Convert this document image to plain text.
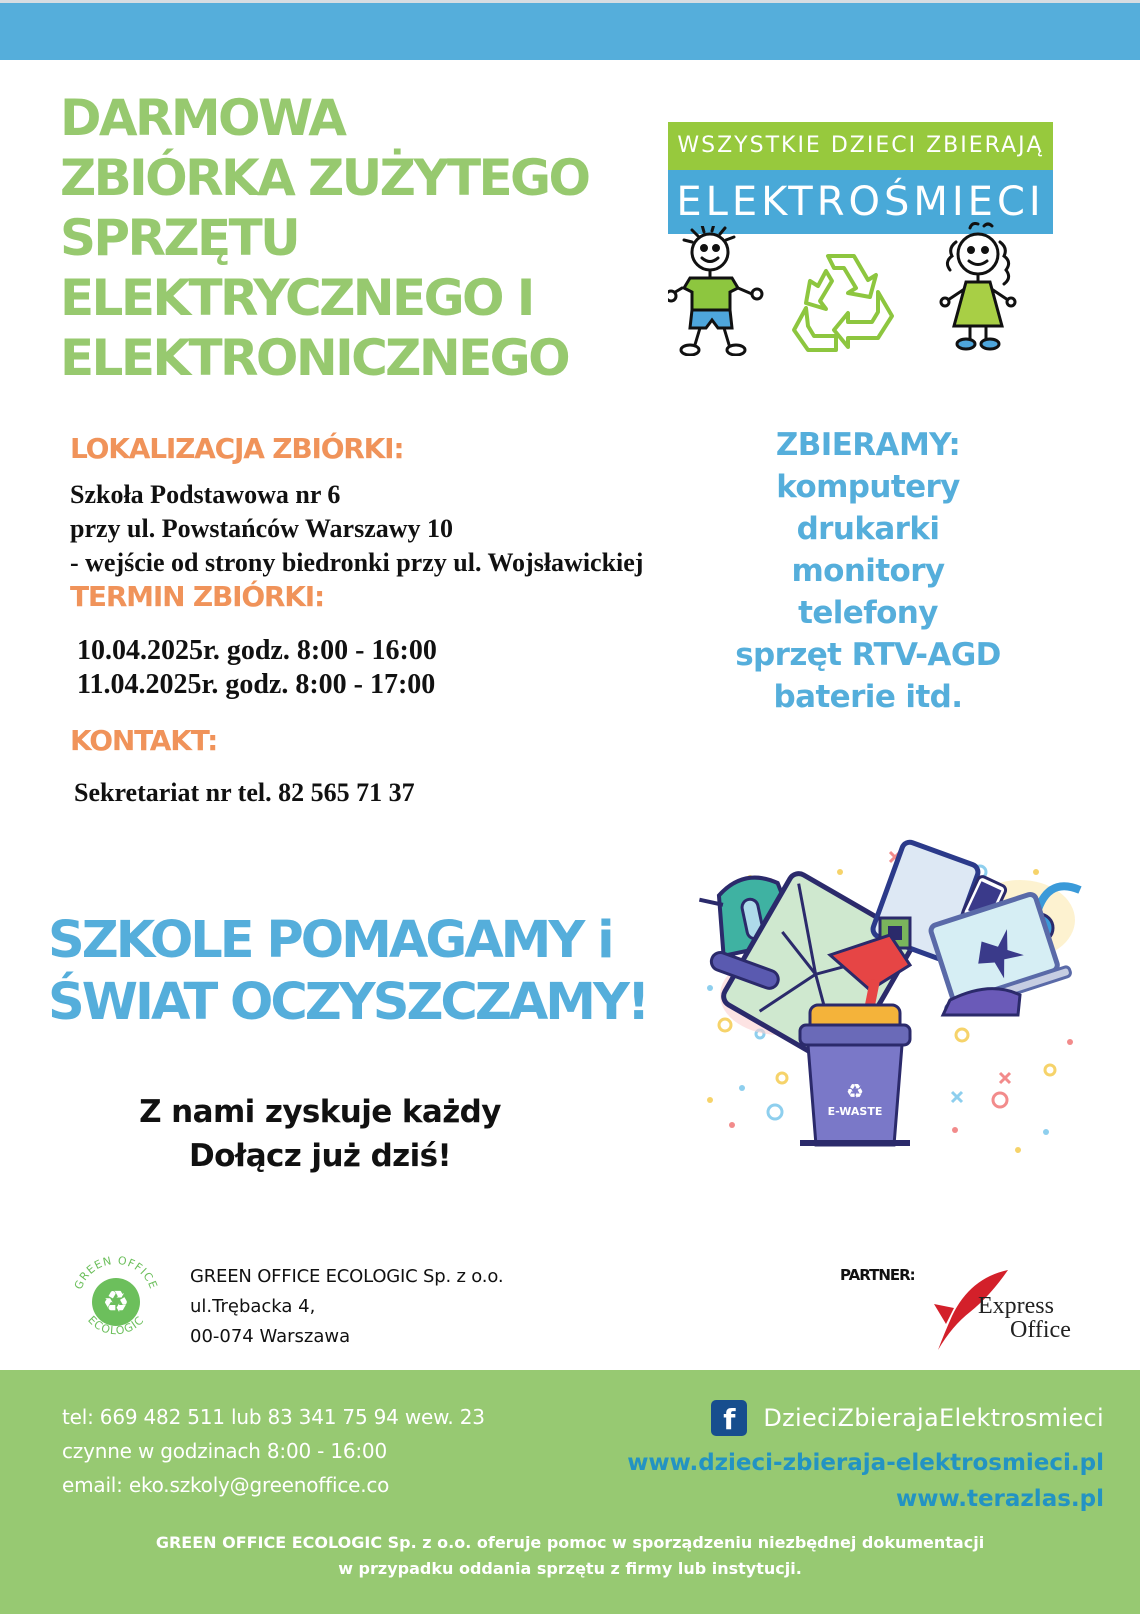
DARMOWA
ZBIÓRKA ZUŻYTEGO
SPRZĘTU
ELEKTRYCZNEGO I
ELEKTRONICZNEGO
WSZYSTKIE DZIECI ZBIERAJĄ
ELEKTROŚMIECI
LOKALIZACJA ZBIÓRKI:
Szkoła Podstawowa nr 6
przy ul. Powstańców Warszawy 10
- wejście od strony biedronki przy ul. Wojsławickiej
TERMIN ZBIÓRKI:
10.04.2025r. godz. 8:00 - 16:00
11.04.2025r. godz. 8:00 - 17:00
KONTAKT:
Sekretariat nr tel. 82 565 71 37
ZBIERAMY:
komputery
drukarki
monitory
telefony
sprzęt RTV-AGD
baterie itd.
SZKOLE POMAGAMY i
ŚWIAT OCZYSZCZAMY!
Z nami zyskuje każdy
Dołącz już dziś!
E-WASTE
♻
♻
GREEN OFFICE
ECOLOGIC
GREEN OFFICE ECOLOGIC Sp. z o.o.
ul.Trębacka 4,
00-074 Warszawa
PARTNER:
Express
Office
tel: 669 482 511 lub 83 341 75 94 wew. 23
czynne w godzinach 8:00 - 16:00
email: eko.szkoly@greenoffice.co
f	DzieciZbierajaElektrosmieci
www.dzieci-zbieraja-elektrosmieci.pl
www.terazlas.pl
GREEN OFFICE ECOLOGIC Sp. z o.o. oferuje pomoc w sporządzeniu niezbędnej dokumentacji
w przypadku oddania sprzętu z firmy lub instytucji.
